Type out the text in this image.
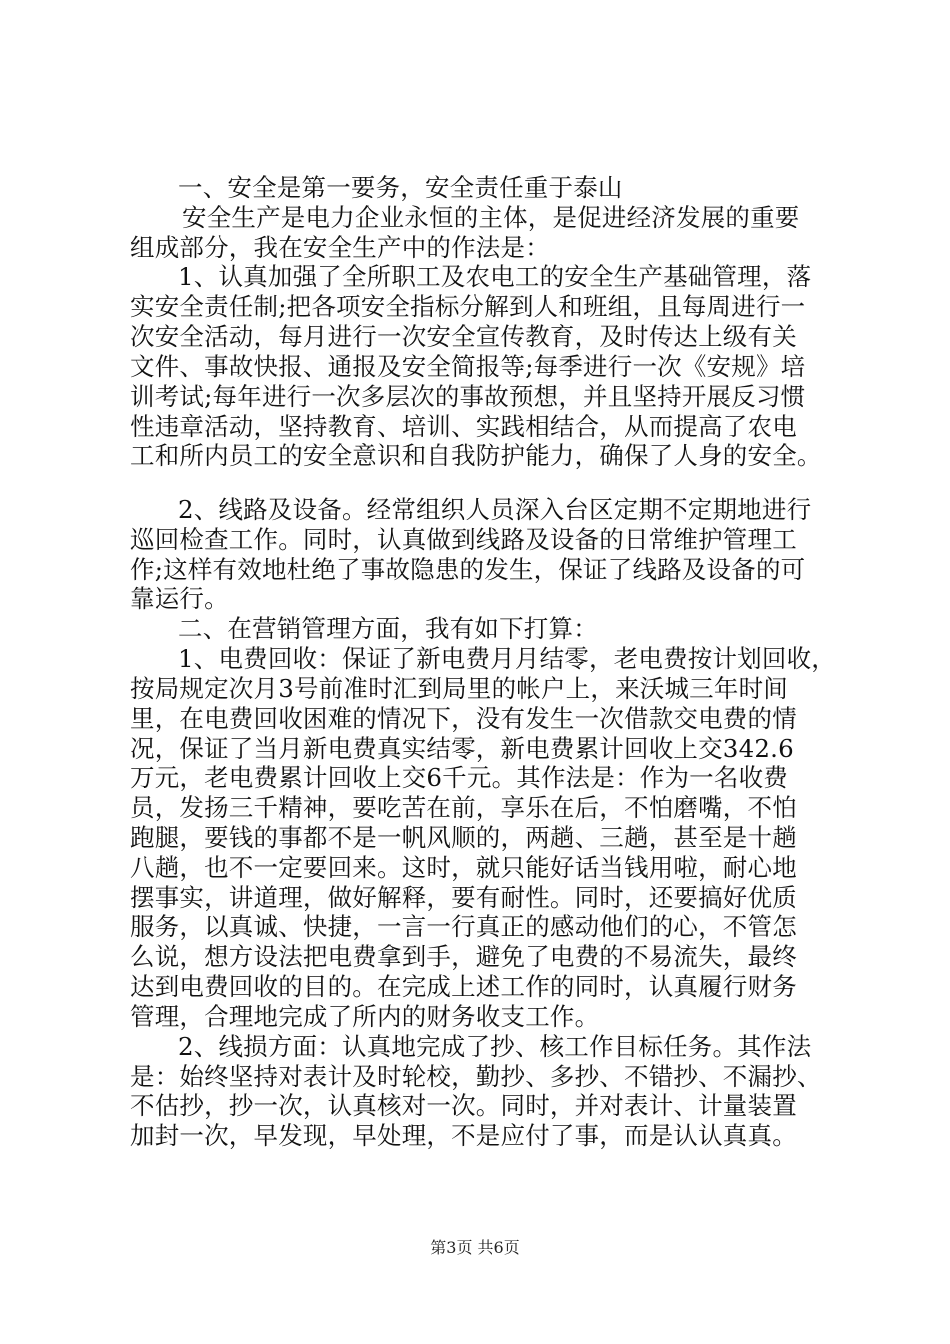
一、安全是第一要务，安全责任重于泰山
安全生产是电力企业永恒的主体，是促进经济发展的重要
组成部分，我在安全生产中的作法是：
1、认真加强了全所职工及农电工的安全生产基础管理，落
实安全责任制;把各项安全指标分解到人和班组，且每周进行一
次安全活动，每月进行一次安全宣传教育，及时传达上级有关
文件、事故快报、通报及安全简报等;每季进行一次《安规》培
训考试;每年进行一次多层次的事故预想，并且坚持开展反习惯
性违章活动，坚持教育、培训、实践相结合，从而提高了农电
工和所内员工的安全意识和自我防护能力，确保了人身的安全。
2、线路及设备。经常组织人员深入台区定期不定期地进行
巡回检查工作。同时，认真做到线路及设备的日常维护管理工
作;这样有效地杜绝了事故隐患的发生，保证了线路及设备的可
靠运行。
二、在营销管理方面，我有如下打算：
1、电费回收：保证了新电费月月结零，老电费按计划回收，
按局规定次月3号前准时汇到局里的帐户上，来沃城三年时间
里，在电费回收困难的情况下，没有发生一次借款交电费的情
况，保证了当月新电费真实结零，新电费累计回收上交342.6
万元，老电费累计回收上交6千元。其作法是：作为一名收费
员，发扬三千精神，要吃苦在前，享乐在后，不怕磨嘴，不怕
跑腿，要钱的事都不是一帆风顺的，两趟、三趟，甚至是十趟
八趟，也不一定要回来。这时，就只能好话当钱用啦，耐心地
摆事实，讲道理，做好解释，要有耐性。同时，还要搞好优质
服务，以真诚、快捷，一言一行真正的感动他们的心，不管怎
么说，想方设法把电费拿到手，避免了电费的不易流失，最终
达到电费回收的目的。在完成上述工作的同时，认真履行财务
管理，合理地完成了所内的财务收支工作。
2、线损方面：认真地完成了抄、核工作目标任务。其作法
是：始终坚持对表计及时轮校，勤抄、多抄、不错抄、不漏抄、
不估抄，抄一次，认真核对一次。同时，并对表计、计量装置
加封一次，早发现，早处理，不是应付了事，而是认认真真。
第3页 共6页
